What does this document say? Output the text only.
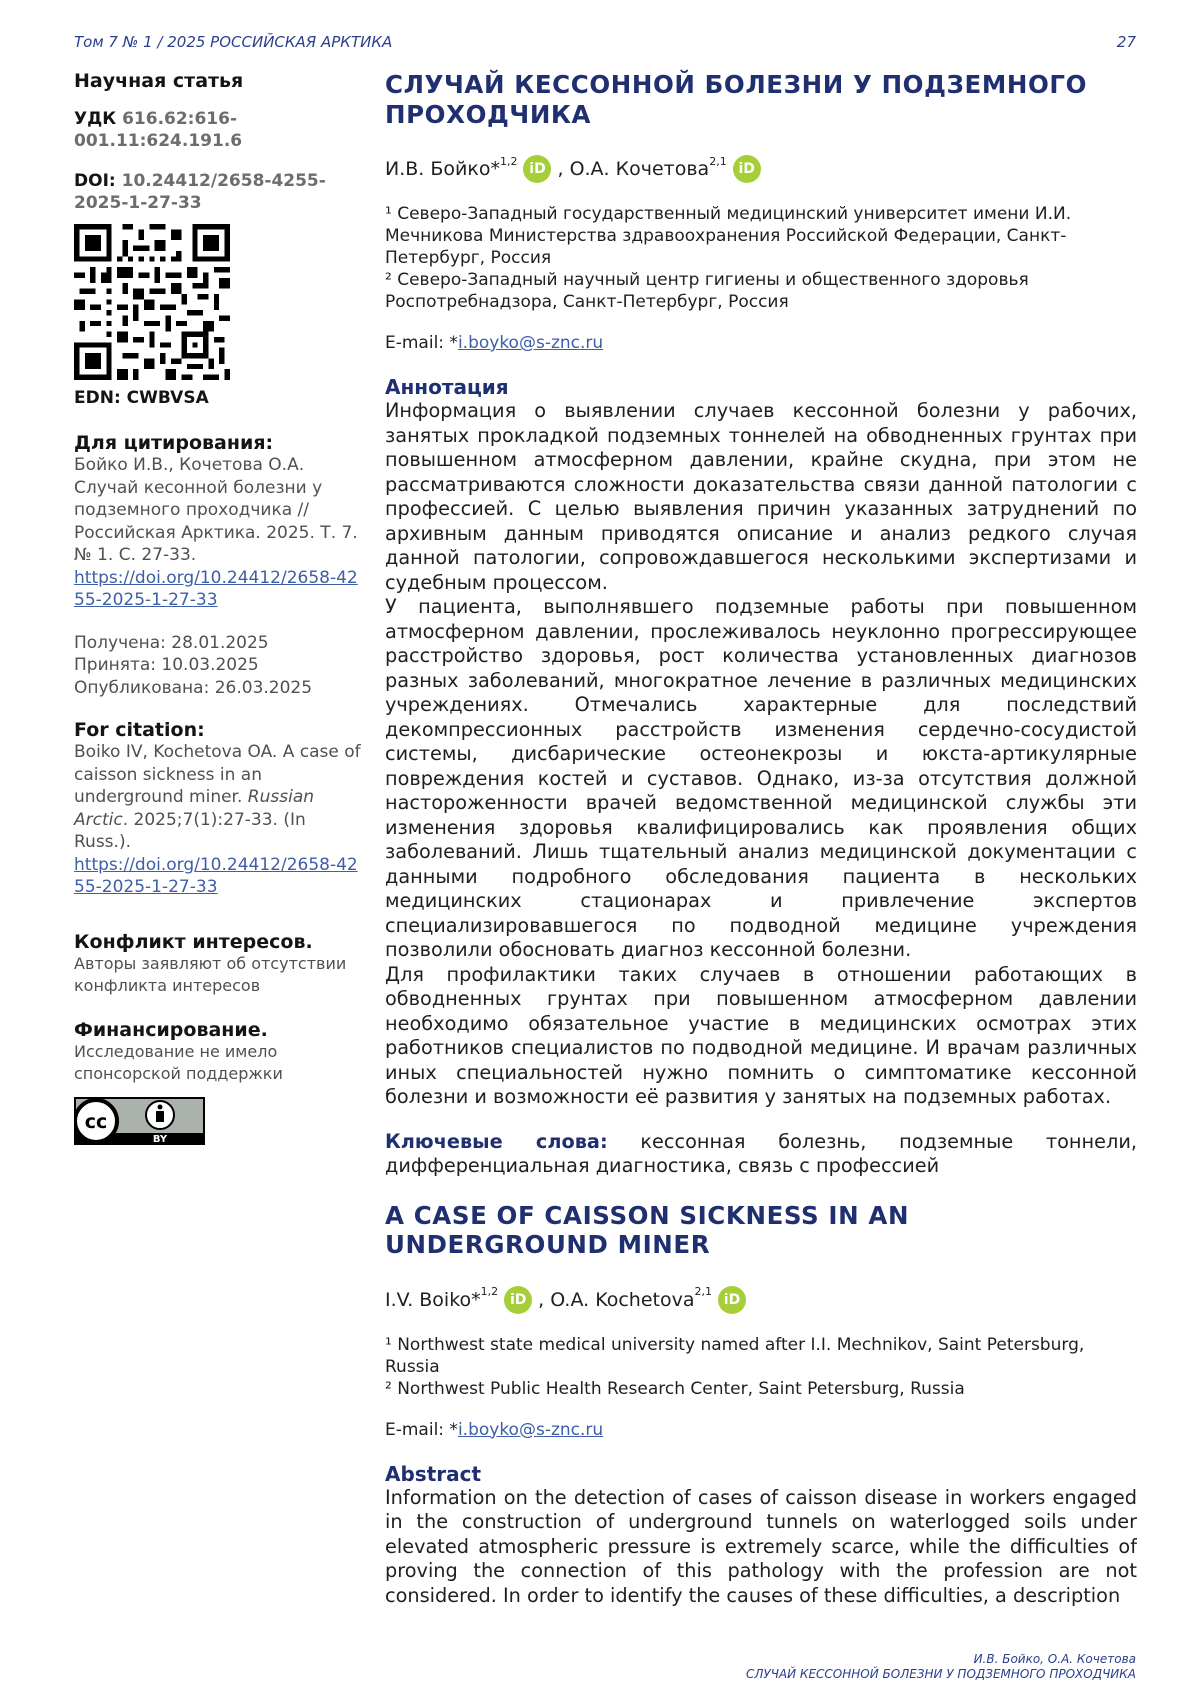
Том 7 № 1 / 2025 РОССИЙСКАЯ АРКТИКА	27

Научная статья

УДК 616.62:616-001.11:624.191.6
DOI: 10.24412/2658-4255-2025-1-27-33
EDN: CWBVSA

Для цитирования:

Бойко И.В., Кочетова О.А. Случай кесонной болезни у подземного проходчика // Российская Арктика. 2025. Т. 7. № 1. С. 27-33.
https://doi.org/10.24412/2658-4255-2025-1-27-33
Получена: 28.01.2025
Принята: 10.03.2025
Опубликована: 26.03.2025

For citation:

Boiko IV, Kochetova OA. A case of caisson sickness in an underground miner. Russian Arctic. 2025;7(1):27-33. (In Russ.).
https://doi.org/10.24412/2658-4255-2025-1-27-33

Конфликт интересов.

Авторы заявляют об отсутствии конфликта интересов

Финансирование.

Исследование не имело спонсорской поддержки
cc
BY
СЛУЧАЙ КЕССОННОЙ БОЛЕЗНИ У ПОДЗЕМНОГО ПРОХОДЧИКА
И.В. Бойко*$^{1,2}$ iD , О.А. Кочетова$^{2,1}$ iD
¹ Северо-Западный государственный медицинский университет имени И.И. Мечникова Министерства здравоохранения Российской Федерации, Санкт-Петербург, Россия
² Северо-Западный научный центр гигиены и общественного здоровья Роспотребнадзора, Санкт-Петербург, Россия
E-mail: *i.boyko@s-znc.ru

Аннотация

Информация о выявлении случаев кессонной болезни у рабочих, занятых прокладкой подземных тоннелей на обводненных грунтах при повышенном атмосферном давлении, крайне скудна, при этом не рассматриваются сложности доказательства связи данной патологии с профессией. С целью выявления причин указанных затруднений по архивным данным приводятся описание и анализ редкого случая данной патологии, сопровождавшегося несколькими экспертизами и судебным процессом.

У пациента, выполнявшего подземные работы при повышенном атмосферном давлении, прослеживалось неуклонно прогрессирующее расстройство здоровья, рост количества установленных диагнозов разных заболеваний, многократное лечение в различных медицинских учреждениях. Отмечались характерные для последствий декомпрессионных расстройств изменения сердечно-сосудистой системы, дисбарические остеонекрозы и юкста-артикулярные повреждения костей и суставов. Однако, из-за отсутствия должной настороженности врачей ведомственной медицинской службы эти изменения здоровья квалифицировались как проявления общих заболеваний. Лишь тщательный анализ медицинской документации с данными подробного обследования пациента в нескольких медицинских стационарах и привлечение экспертов специализировавшегося по подводной медицине учреждения позволили обосновать диагноз кессонной болезни.

Для профилактики таких случаев в отношении работающих в обводненных грунтах при повышенном атмосферном давлении необходимо обязательное участие в медицинских осмотрах этих работников специалистов по подводной медицине. И врачам различных иных специальностей нужно помнить о симптоматике кессонной болезни и возможности её развития у занятых на подземных работах.

Ключевые слова: кессонная болезнь, подземные тоннели, дифференциальная диагностика, связь с профессией

A CASE OF CAISSON SICKNESS IN AN UNDERGROUND MINER
I.V. Boiko*$^{1,2}$ iD , O.A. Kochetova$^{2,1}$ iD
¹ Northwest state medical university named after I.I. Mechnikov, Saint Petersburg, Russia
² Northwest Public Health Research Center, Saint Petersburg, Russia
E-mail: *i.boyko@s-znc.ru

Abstract

Information on the detection of cases of caisson disease in workers engaged in the construction of underground tunnels on waterlogged soils under elevated atmospheric pressure is extremely scarce, while the difficulties of proving the connection of this pathology with the profession are not considered. In order to identify the causes of these difficulties, a description

И.В. Бойко, О.А. Кочетова
СЛУЧАЙ КЕССОННОЙ БОЛЕЗНИ У ПОДЗЕМНОГО ПРОХОДЧИКА
